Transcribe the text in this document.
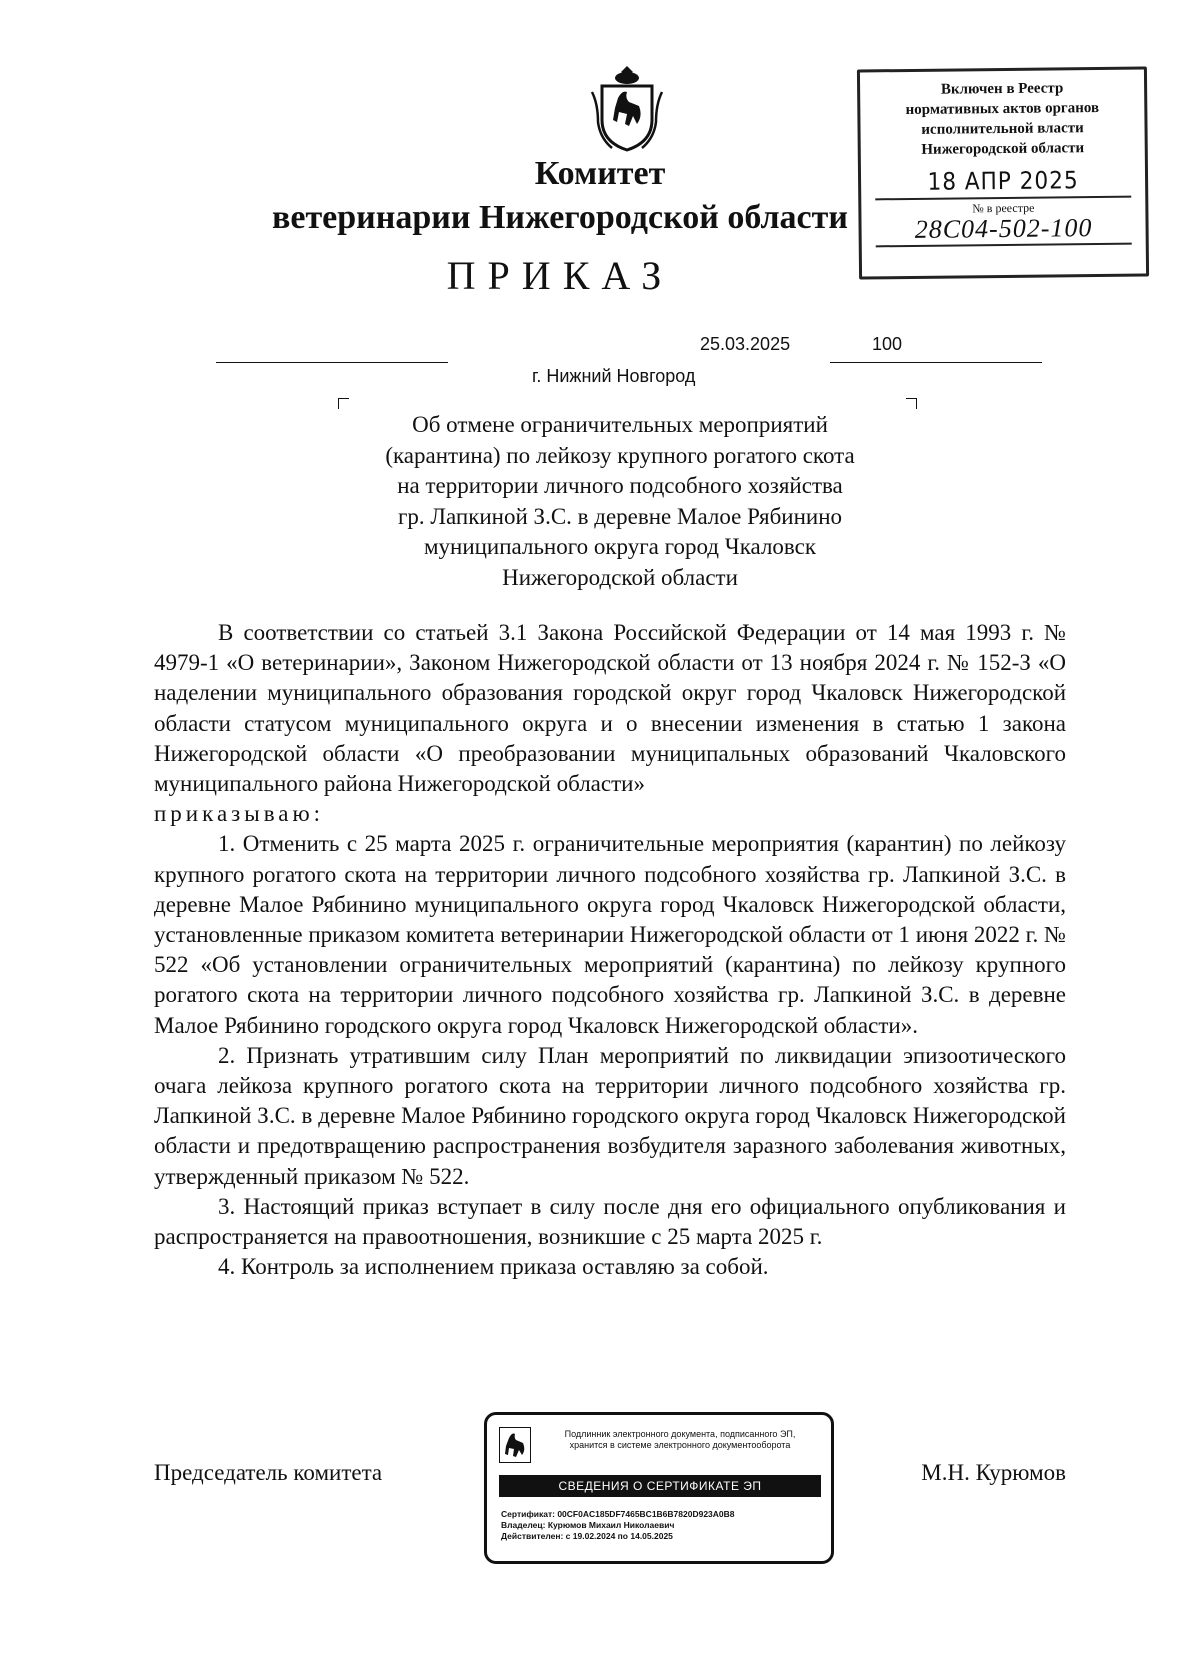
Комитет
ветеринарии Нижегородской области
ПРИКАЗ
Включен в Реестр
нормативных актов органов
исполнительной власти
Нижегородской области
18 АПР 2025
№ в реестре
28С04-502-100
25.03.2025	100
г. Нижний Новгород
Об отмене ограничительных мероприятий
(карантина) по лейкозу крупного рогатого скота
на территории личного подсобного хозяйства
гр. Лапкиной З.С. в деревне Малое Рябинино
муниципального округа город Чкаловск
Нижегородской области

В соответствии со статьей 3.1 Закона Российской Федерации от 14 мая 1993 г. № 4979-1 «О ветеринарии», Законом Нижегородской области от 13 ноября 2024 г. № 152-З «О наделении муниципального образования городской округ город Чкаловск Нижегородской области статусом муниципального округа и о внесении изменения в статью 1 закона Нижегородской области «О преобразовании муниципальных образований Чкаловского муниципального района Нижегородской области»

приказываю:

1. Отменить с 25 марта 2025 г. ограничительные мероприятия (карантин) по лейкозу крупного рогатого скота на территории личного подсобного хозяйства гр. Лапкиной З.С. в деревне Малое Рябинино муниципального округа город Чкаловск Нижегородской области, установленные приказом комитета ветеринарии Нижегородской области от 1 июня 2022 г. № 522 «Об установлении ограничительных мероприятий (карантина) по лейкозу крупного рогатого скота на территории личного подсобного хозяйства гр. Лапкиной З.С. в деревне Малое Рябинино городского округа город Чкаловск Нижегородской области».

2. Признать утратившим силу План мероприятий по ликвидации эпизоотического очага лейкоза крупного рогатого скота на территории личного подсобного хозяйства гр. Лапкиной З.С. в деревне Малое Рябинино городского округа город Чкаловск Нижегородской области и предотвращению распространения возбудителя заразного заболевания животных, утвержденный приказом № 522.

3. Настоящий приказ вступает в силу после дня его официального опубликования и распространяется на правоотношения, возникшие с 25 марта 2025 г.

4. Контроль за исполнением приказа оставляю за собой.

Председатель комитета	М.Н. Курюмов
Подлинник электронного документа, подписанного ЭП,
хранится в системе электронного документооборота
СВЕДЕНИЯ О СЕРТИФИКАТЕ ЭП
Сертификат: 00CF0AC185DF7465BC1B6B7820D923A0B8
Владелец: Курюмов Михаил Николаевич
Действителен: с 19.02.2024 по 14.05.2025
